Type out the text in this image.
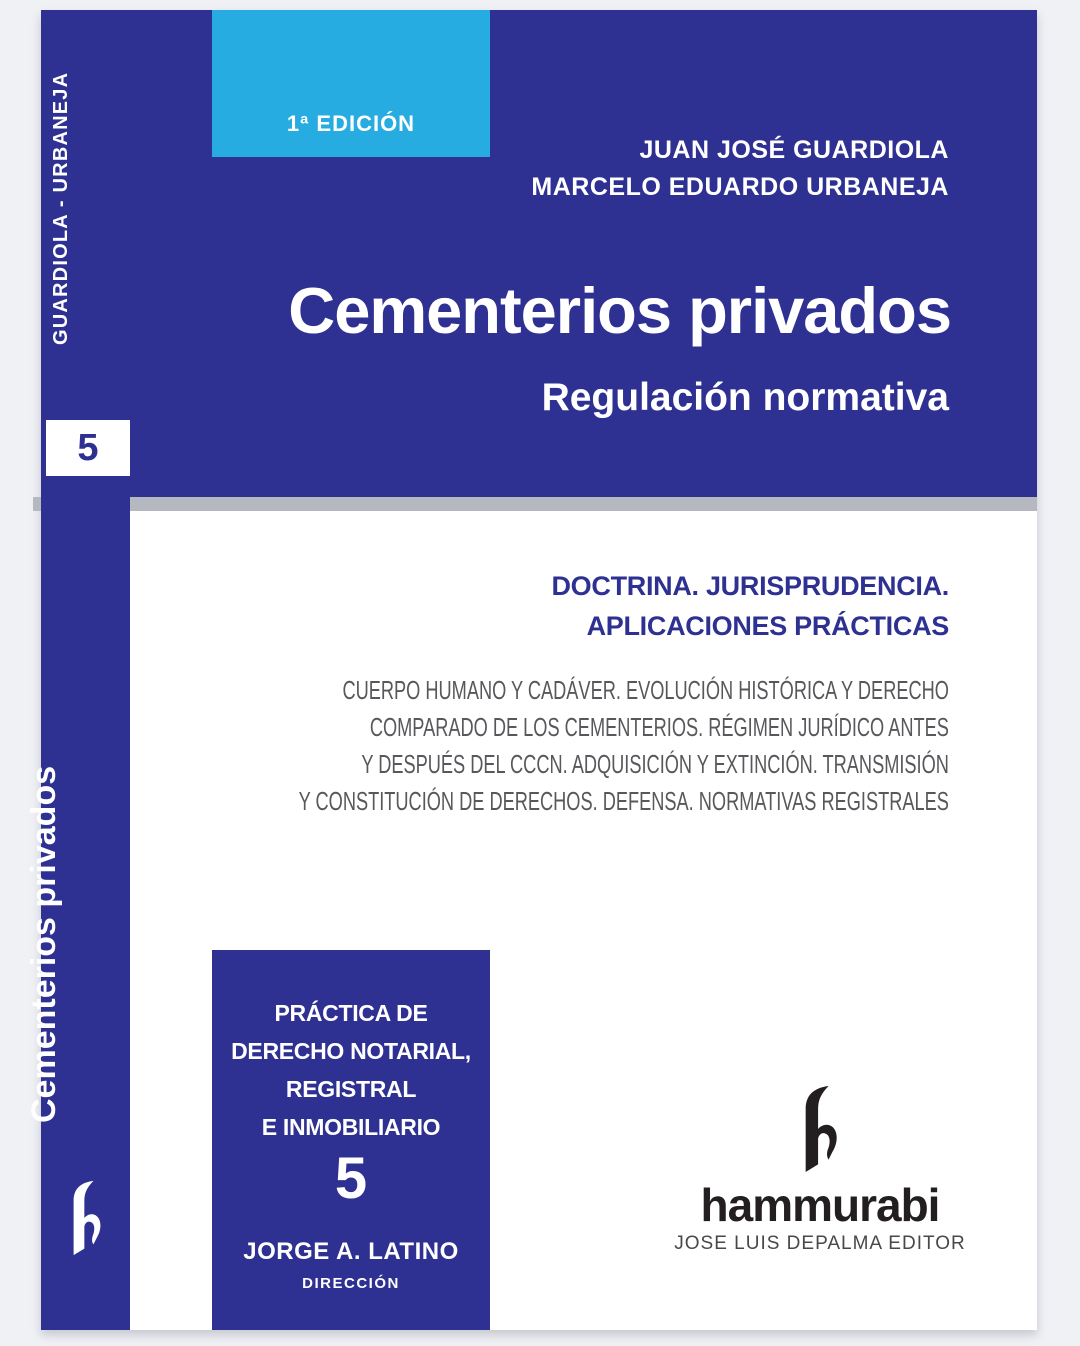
1ª EDICIÓN
JUAN JOSÉ GUARDIOLA
MARCELO EDUARDO URBANEJA
Cementerios privados
Regulación normativa
DOCTRINA. JURISPRUDENCIA.
APLICACIONES PRÁCTICAS
CUERPO HUMANO Y CADÁVER. EVOLUCIÓN HISTÓRICA Y DERECHO
COMPARADO DE LOS CEMENTERIOS. RÉGIMEN JURÍDICO ANTES
Y DESPUÉS DEL CCCN. ADQUISICIÓN Y EXTINCIÓN. TRANSMISIÓN
Y CONSTITUCIÓN DE DERECHOS. DEFENSA. NORMATIVAS REGISTRALES
PRÁCTICA DE
DERECHO NOTARIAL,
REGISTRAL
E INMOBILIARIO
5
JORGE A. LATINO
DIRECCIÓN
hammurabi
JOSE LUIS DEPALMA EDITOR
GUARDIOLA - URBANEJA
5
Cementerios privados
